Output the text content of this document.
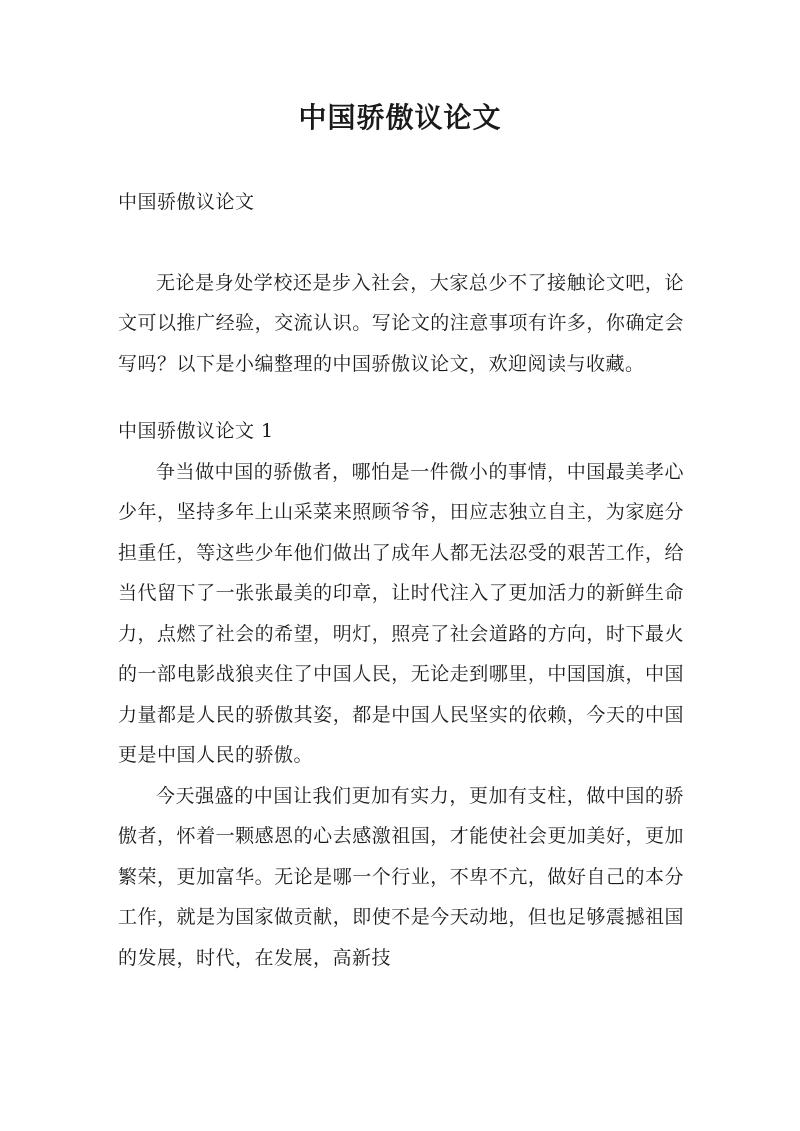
中国骄傲议论文

中国骄傲议论文

无论是身处学校还是步入社会，大家总少不了接触论文吧，论文可以推广经验，交流认识。写论文的注意事项有许多，你确定会写吗？以下是小编整理的中国骄傲议论文，欢迎阅读与收藏。

中国骄傲议论文 1

争当做中国的骄傲者，哪怕是一件微小的事情，中国最美孝心少年，坚持多年上山采菜来照顾爷爷，田应志独立自主，为家庭分担重任，等这些少年他们做出了成年人都无法忍受的艰苦工作，给当代留下了一张张最美的印章，让时代注入了更加活力的新鲜生命力，点燃了社会的希望，明灯，照亮了社会道路的方向，时下最火的一部电影战狼夹住了中国人民，无论走到哪里，中国国旗，中国力量都是人民的骄傲其姿，都是中国人民坚实的依赖，今天的中国更是中国人民的骄傲。

今天强盛的中国让我们更加有实力，更加有支柱，做中国的骄傲者，怀着一颗感恩的心去感激祖国，才能使社会更加美好，更加繁荣，更加富华。无论是哪一个行业，不卑不亢，做好自己的本分工作，就是为国家做贡献，即使不是今天动地，但也足够震撼祖国的发展，时代，在发展，高新技
